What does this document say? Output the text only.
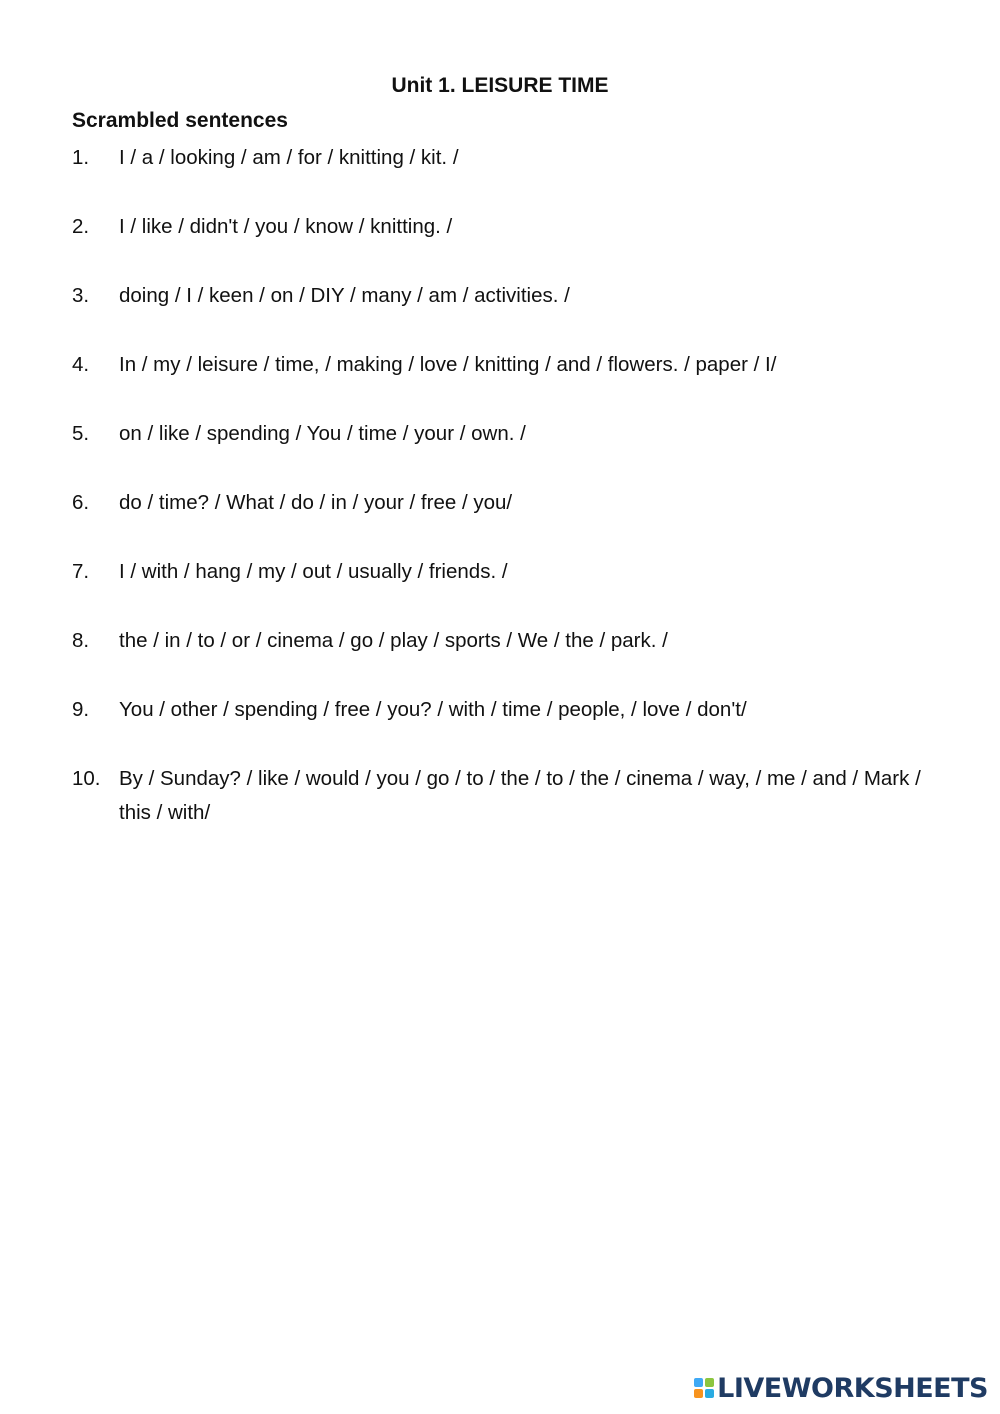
Unit 1. LEISURE TIME
Scrambled sentences
1.	I / a / looking / am / for / knitting / kit. /
2.	I / like / didn't / you / know / knitting. /
3.	doing / I / keen / on / DIY / many / am / activities. /
4.	In / my / leisure / time, / making / love / knitting / and / flowers. / paper / I/
5.	on / like / spending / You / time / your / own. /
6.	do / time? / What / do / in / your / free / you/
7.	I / with / hang / my / out / usually / friends. /
8.	the / in / to / or / cinema / go / play / sports / We / the / park. /
9.	You / other / spending / free / you? / with / time / people, / love / don't/
10. By / Sunday? / like / would / you / go / to / the / to / the / cinema / way, / me / and / Mark / this / with/
LIVEWORKSHEETS
